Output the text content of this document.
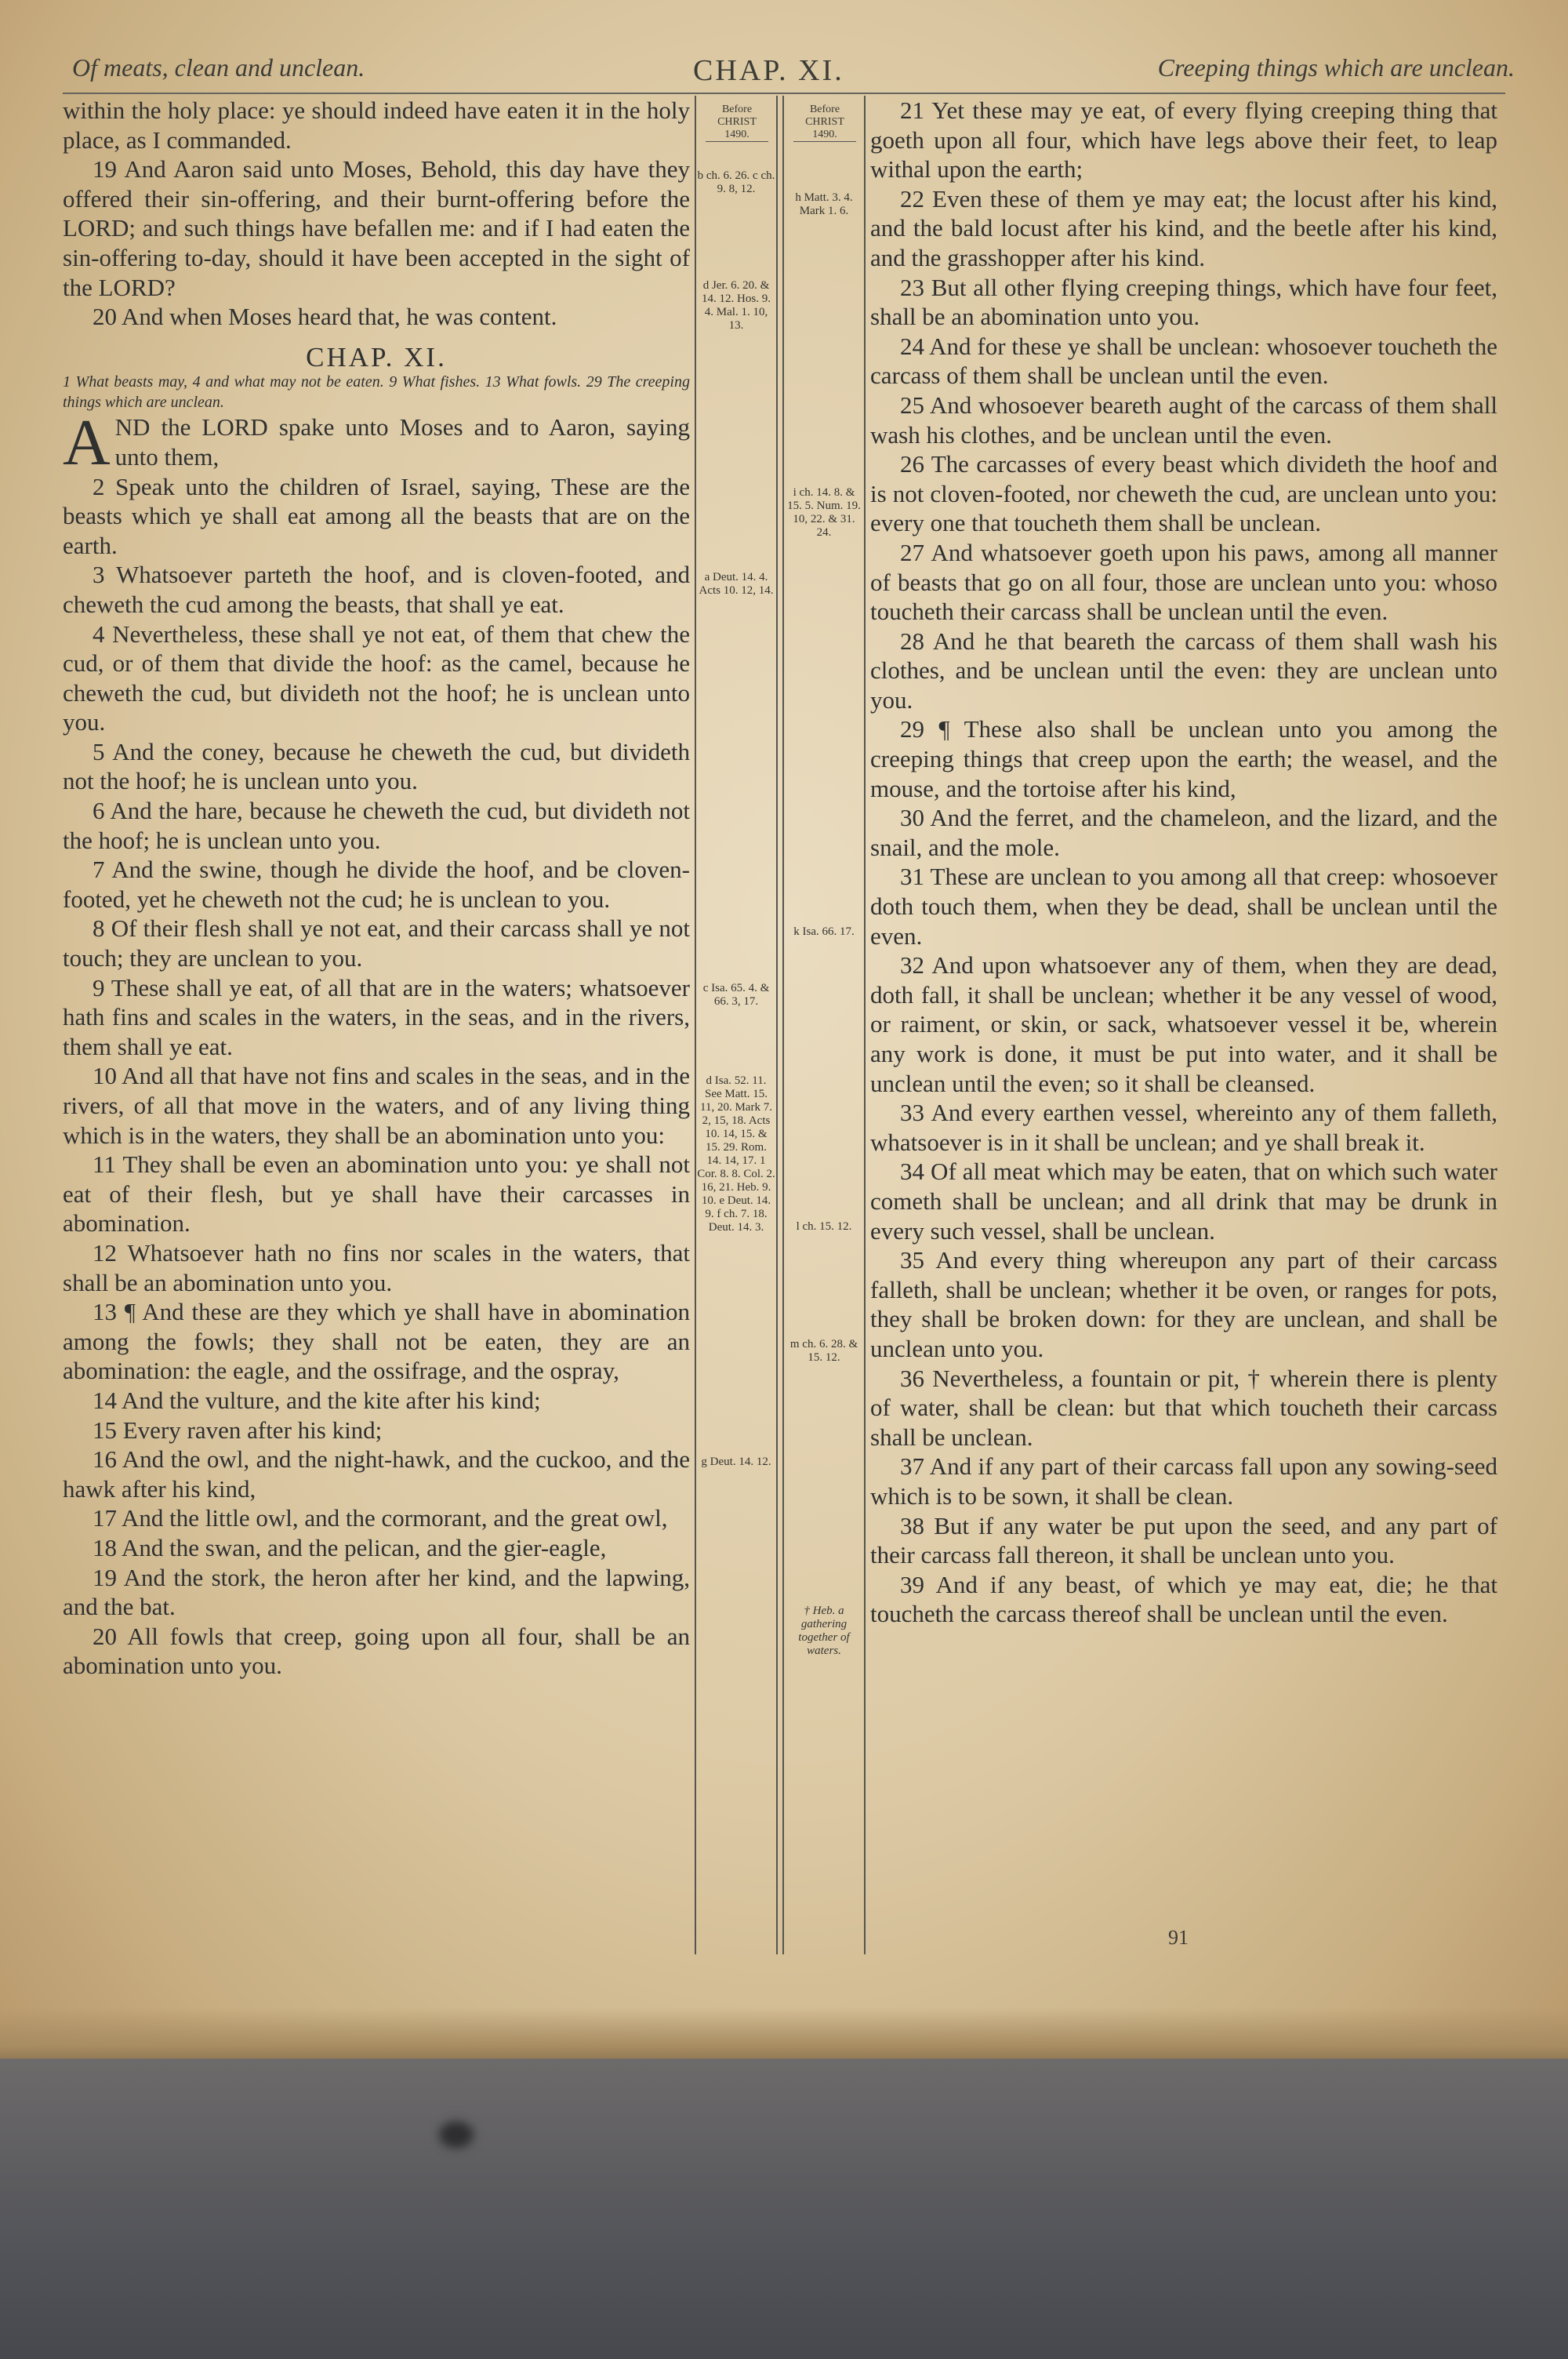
Of meats, clean and unclean.	CHAP. XI.	Creeping things which are unclean.

within the holy place: ye should indeed have eaten it in the holy place, as I commanded.

19 And Aaron said unto Moses, Behold, this day have they offered their sin-offering, and their burnt-offering before the LORD; and such things have befallen me: and if I had eaten the sin-offering to-day, should it have been accepted in the sight of the LORD?

20 And when Moses heard that, he was content.

CHAP. XI.

1 What beasts may, 4 and what may not be eaten. 9 What fishes. 13 What fowls. 29 The creeping things which are unclean.

AND the LORD spake unto Moses and to Aaron, saying unto them,

2 Speak unto the children of Israel, saying, These are the beasts which ye shall eat among all the beasts that are on the earth.

3 Whatsoever parteth the hoof, and is cloven-footed, and cheweth the cud among the beasts, that shall ye eat.

4 Nevertheless, these shall ye not eat, of them that chew the cud, or of them that divide the hoof: as the camel, because he cheweth the cud, but divideth not the hoof; he is unclean unto you.

5 And the coney, because he cheweth the cud, but divideth not the hoof; he is unclean unto you.

6 And the hare, because he cheweth the cud, but divideth not the hoof; he is unclean unto you.

7 And the swine, though he divide the hoof, and be cloven-footed, yet he cheweth not the cud; he is unclean to you.

8 Of their flesh shall ye not eat, and their carcass shall ye not touch; they are unclean to you.

9 These shall ye eat, of all that are in the waters; whatsoever hath fins and scales in the waters, in the seas, and in the rivers, them shall ye eat.

10 And all that have not fins and scales in the seas, and in the rivers, of all that move in the waters, and of any living thing which is in the waters, they shall be an abomination unto you:

11 They shall be even an abomination unto you: ye shall not eat of their flesh, but ye shall have their carcasses in abomination.

12 Whatsoever hath no fins nor scales in the waters, that shall be an abomination unto you.

13 ¶ And these are they which ye shall have in abomination among the fowls; they shall not be eaten, they are an abomination: the eagle, and the ossifrage, and the ospray,

14 And the vulture, and the kite after his kind;

15 Every raven after his kind;

16 And the owl, and the night-hawk, and the cuckoo, and the hawk after his kind,

17 And the little owl, and the cormorant, and the great owl,

18 And the swan, and the pelican, and the gier-eagle,

19 And the stork, the heron after her kind, and the lapwing, and the bat.

20 All fowls that creep, going upon all four, shall be an abomination unto you.

Before
CHRIST

1490.
Before
CHRIST

1490.
b ch. 6. 26. c ch. 9. 8, 12.
d Jer. 6. 20. & 14. 12. Hos. 9. 4. Mal. 1. 10, 13.
a Deut. 14. 4. Acts 10. 12, 14.
c Isa. 65. 4. & 66. 3, 17.
d Isa. 52. 11. See Matt. 15. 11, 20. Mark 7. 2, 15, 18. Acts 10. 14, 15. & 15. 29. Rom. 14. 14, 17. 1 Cor. 8. 8. Col. 2. 16, 21. Heb. 9. 10. e Deut. 14. 9. f ch. 7. 18. Deut. 14. 3.
g Deut. 14. 12.
h Matt. 3. 4. Mark 1. 6.
i ch. 14. 8. & 15. 5. Num. 19. 10, 22. & 31. 24.
k Isa. 66. 17.
l ch. 15. 12.
m ch. 6. 28. & 15. 12.
† Heb. a gathering together of waters.

21 Yet these may ye eat, of every flying creeping thing that goeth upon all four, which have legs above their feet, to leap withal upon the earth;

22 Even these of them ye may eat; the locust after his kind, and the bald locust after his kind, and the beetle after his kind, and the grasshopper after his kind.

23 But all other flying creeping things, which have four feet, shall be an abomination unto you.

24 And for these ye shall be unclean: whosoever toucheth the carcass of them shall be unclean until the even.

25 And whosoever beareth aught of the carcass of them shall wash his clothes, and be unclean until the even.

26 The carcasses of every beast which divideth the hoof and is not cloven-footed, nor cheweth the cud, are unclean unto you: every one that toucheth them shall be unclean.

27 And whatsoever goeth upon his paws, among all manner of beasts that go on all four, those are unclean unto you: whoso toucheth their carcass shall be unclean until the even.

28 And he that beareth the carcass of them shall wash his clothes, and be unclean until the even: they are unclean unto you.

29 ¶ These also shall be unclean unto you among the creeping things that creep upon the earth; the weasel, and the mouse, and the tortoise after his kind,

30 And the ferret, and the chameleon, and the lizard, and the snail, and the mole.

31 These are unclean to you among all that creep: whosoever doth touch them, when they be dead, shall be unclean until the even.

32 And upon whatsoever any of them, when they are dead, doth fall, it shall be unclean; whether it be any vessel of wood, or raiment, or skin, or sack, whatsoever vessel it be, wherein any work is done, it must be put into water, and it shall be unclean until the even; so it shall be cleansed.

33 And every earthen vessel, whereinto any of them falleth, whatsoever is in it shall be unclean; and ye shall break it.

34 Of all meat which may be eaten, that on which such water cometh shall be unclean; and all drink that may be drunk in every such vessel, shall be unclean.

35 And every thing whereupon any part of their carcass falleth, shall be unclean; whether it be oven, or ranges for pots, they shall be broken down: for they are unclean, and shall be unclean unto you.

36 Nevertheless, a fountain or pit, † wherein there is plenty of water, shall be clean: but that which toucheth their carcass shall be unclean.

37 And if any part of their carcass fall upon any sowing-seed which is to be sown, it shall be clean.

38 But if any water be put upon the seed, and any part of their carcass fall thereon, it shall be unclean unto you.

39 And if any beast, of which ye may eat, die; he that toucheth the carcass thereof shall be unclean until the even.

91
